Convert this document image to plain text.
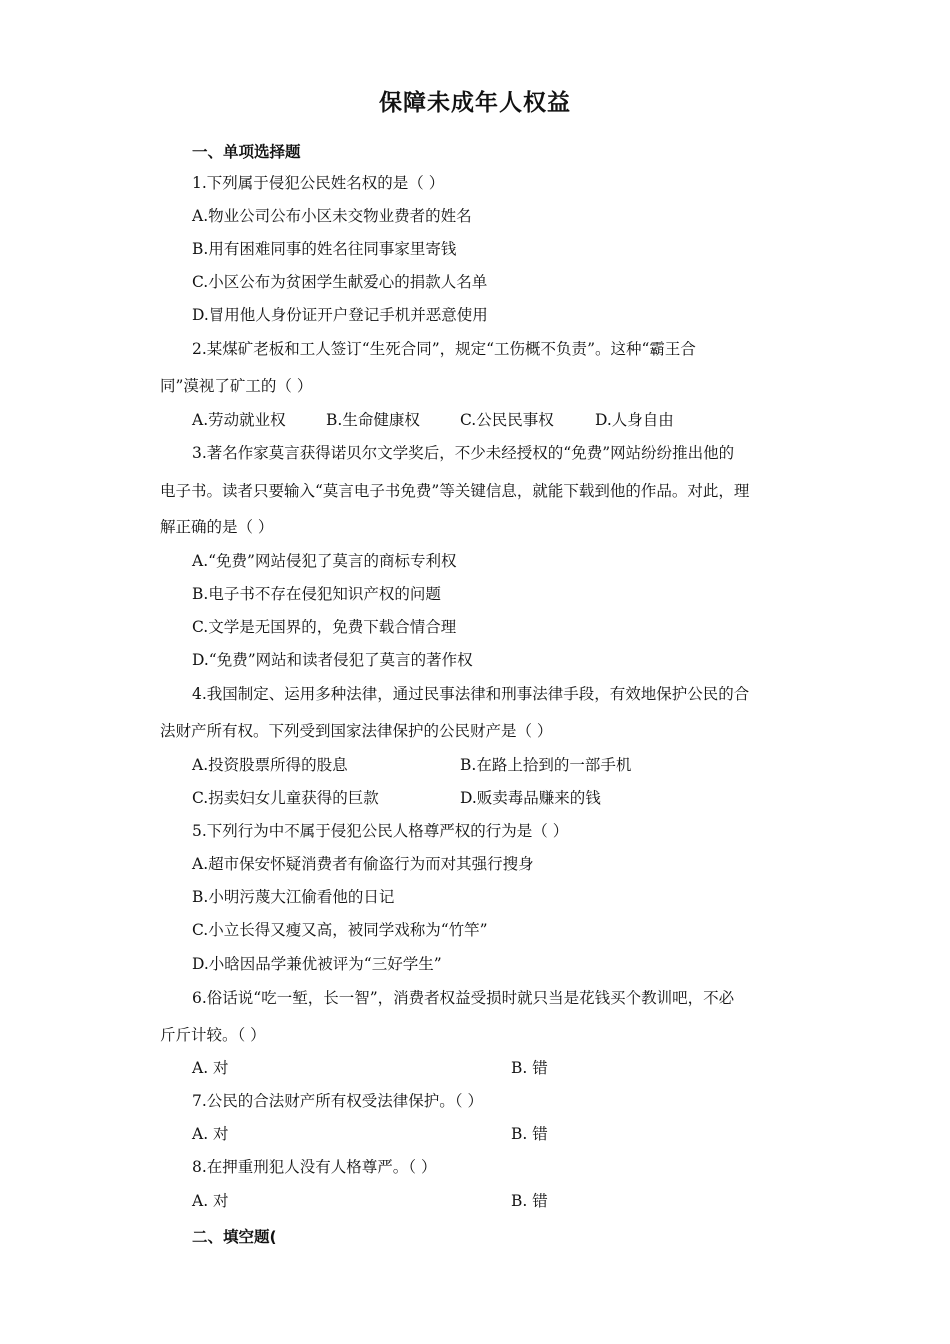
保障未成年人权益
一、单项选择题
1.下列属于侵犯公民姓名权的是（ ）
A.物业公司公布小区未交物业费者的姓名
B.用有困难同事的姓名往同事家里寄钱
C.小区公布为贫困学生献爱心的捐款人名单
D.冒用他人身份证开户登记手机并恶意使用
2.某煤矿老板和工人签订“生死合同”，规定“工伤概不负责”。这种“霸王合
同”漠视了矿工的（ ）
A.劳动就业权	B.生命健康权	C.公民民事权	D.人身自由
3.著名作家莫言获得诺贝尔文学奖后，不少未经授权的“免费”网站纷纷推出他的
电子书。读者只要输入“莫言电子书免费”等关键信息，就能下载到他的作品。对此，理
解正确的是（ ）
A.“免费”网站侵犯了莫言的商标专利权
B.电子书不存在侵犯知识产权的问题
C.文学是无国界的，免费下载合情合理
D.“免费”网站和读者侵犯了莫言的著作权
4.我国制定、运用多种法律，通过民事法律和刑事法律手段，有效地保护公民的合
法财产所有权。下列受到国家法律保护的公民财产是（ ）
A.投资股票所得的股息	B.在路上拾到的一部手机
C.拐卖妇女儿童获得的巨款	D.贩卖毒品赚来的钱
5.下列行为中不属于侵犯公民人格尊严权的行为是（ ）
A.超市保安怀疑消费者有偷盗行为而对其强行搜身
B.小明污蔑大江偷看他的日记
C.小立长得又瘦又高，被同学戏称为“竹竿”
D.小晗因品学兼优被评为“三好学生”
6.俗话说“吃一堑，长一智”，消费者权益受损时就只当是花钱买个教训吧，不必
斤斤计较。（ ）
A. 对	B. 错
7.公民的合法财产所有权受法律保护。（ ）
A. 对	B. 错
8.在押重刑犯人没有人格尊严。（ ）
A. 对	B. 错
二、填空题(
